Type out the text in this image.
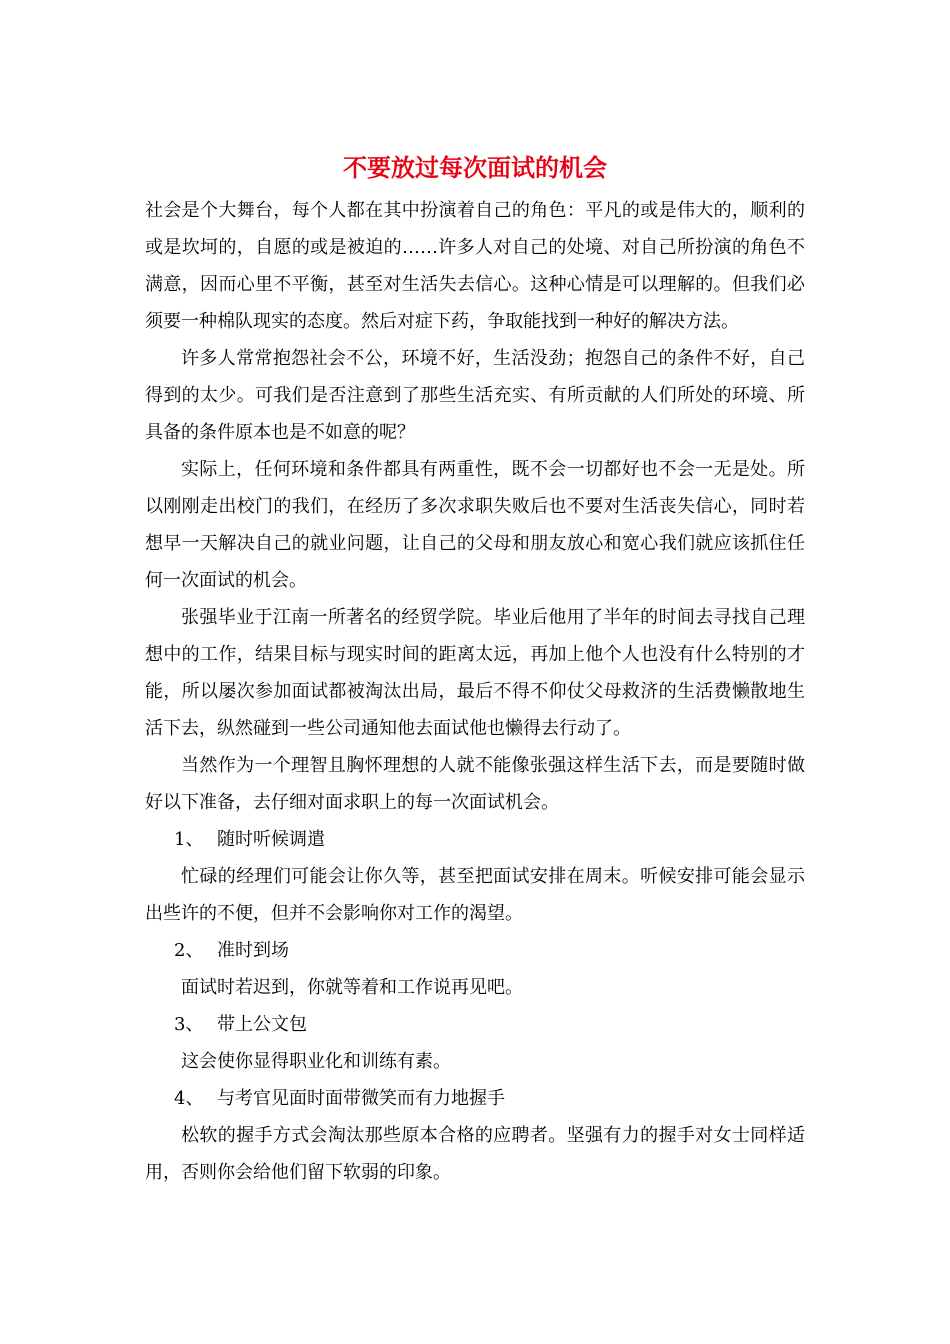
不要放过每次面试的机会

社会是个大舞台，每个人都在其中扮演着自己的角色：平凡的或是伟大的，顺利的或是坎坷的，自愿的或是被迫的……许多人对自己的处境、对自己所扮演的角色不满意，因而心里不平衡，甚至对生活失去信心。这种心情是可以理解的。但我们必须要一种棉队现实的态度。然后对症下药，争取能找到一种好的解决方法。

许多人常常抱怨社会不公，环境不好，生活没劲；抱怨自己的条件不好，自己得到的太少。可我们是否注意到了那些生活充实、有所贡献的人们所处的环境、所具备的条件原本也是不如意的呢？

实际上，任何环境和条件都具有两重性，既不会一切都好也不会一无是处。所以刚刚走出校门的我们，在经历了多次求职失败后也不要对生活丧失信心，同时若想早一天解决自己的就业问题，让自己的父母和朋友放心和宽心我们就应该抓住任何一次面试的机会。

张强毕业于江南一所著名的经贸学院。毕业后他用了半年的时间去寻找自己理想中的工作，结果目标与现实时间的距离太远，再加上他个人也没有什么特别的才能，所以屡次参加面试都被淘汰出局，最后不得不仰仗父母救济的生活费懒散地生活下去，纵然碰到一些公司通知他去面试他也懒得去行动了。

当然作为一个理智且胸怀理想的人就不能像张强这样生活下去，而是要随时做好以下准备，去仔细对面求职上的每一次面试机会。

1、 随时听候调遣

忙碌的经理们可能会让你久等，甚至把面试安排在周末。听候安排可能会显示出些许的不便，但并不会影响你对工作的渴望。

2、 准时到场

面试时若迟到，你就等着和工作说再见吧。

3、 带上公文包

这会使你显得职业化和训练有素。

4、 与考官见面时面带微笑而有力地握手

松软的握手方式会淘汰那些原本合格的应聘者。坚强有力的握手对女士同样适用，否则你会给他们留下软弱的印象。
